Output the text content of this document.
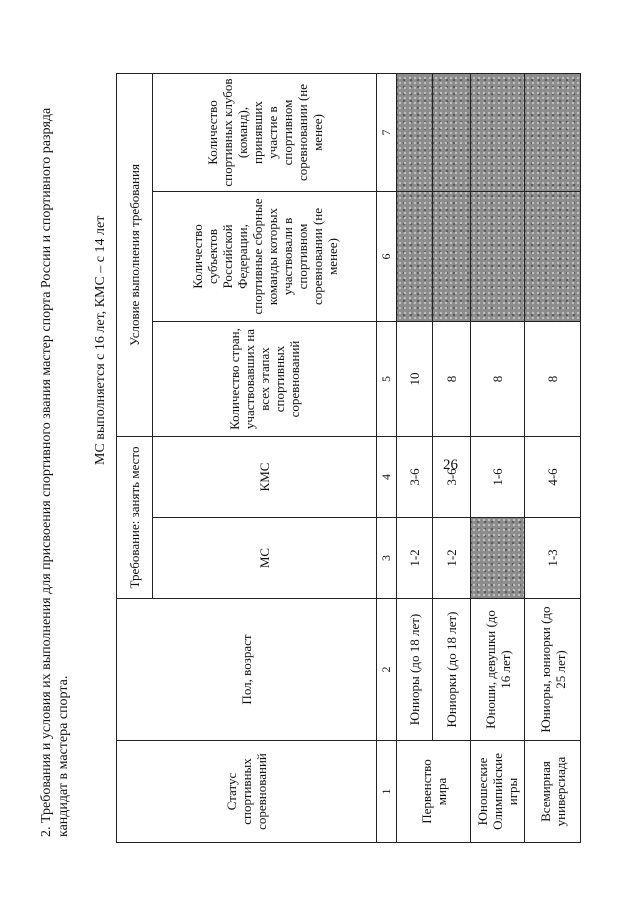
26
2. Требования и условия их выполнения для присвоения спортивного звания мастер спорта России и спортивного разряда кандидат в мастера спорта.
МС выполняется с 16 лет, КМС – с 14 лет
Статус спортивных соревнований	Пол, возраст	Требование: занять место		Условие выполнения требования		
		МС	КМС	Количество стран, участвовавших на всех этапах спортивных соревнований	Количество субъектов Российской Федерации, спортивные сборные команды которых участвовали в спортивном соревновании (не менее)	Количество спортивных клубов (команд), принявших участие в спортивном соревновании (не менее)

1	2	3	4	5	6	7
Первенство мира	Юниоры (до 18 лет)	1-2	3-6	10		
	Юниорки (до 18 лет)	1-2	3-6	8		
Юношеские Олимпийские игры	Юноши, девушки (до 16 лет)		1-6	8		
Всемирная универсиада	Юниоры, юниорки (до 25 лет)	1-3	4-6	8		
